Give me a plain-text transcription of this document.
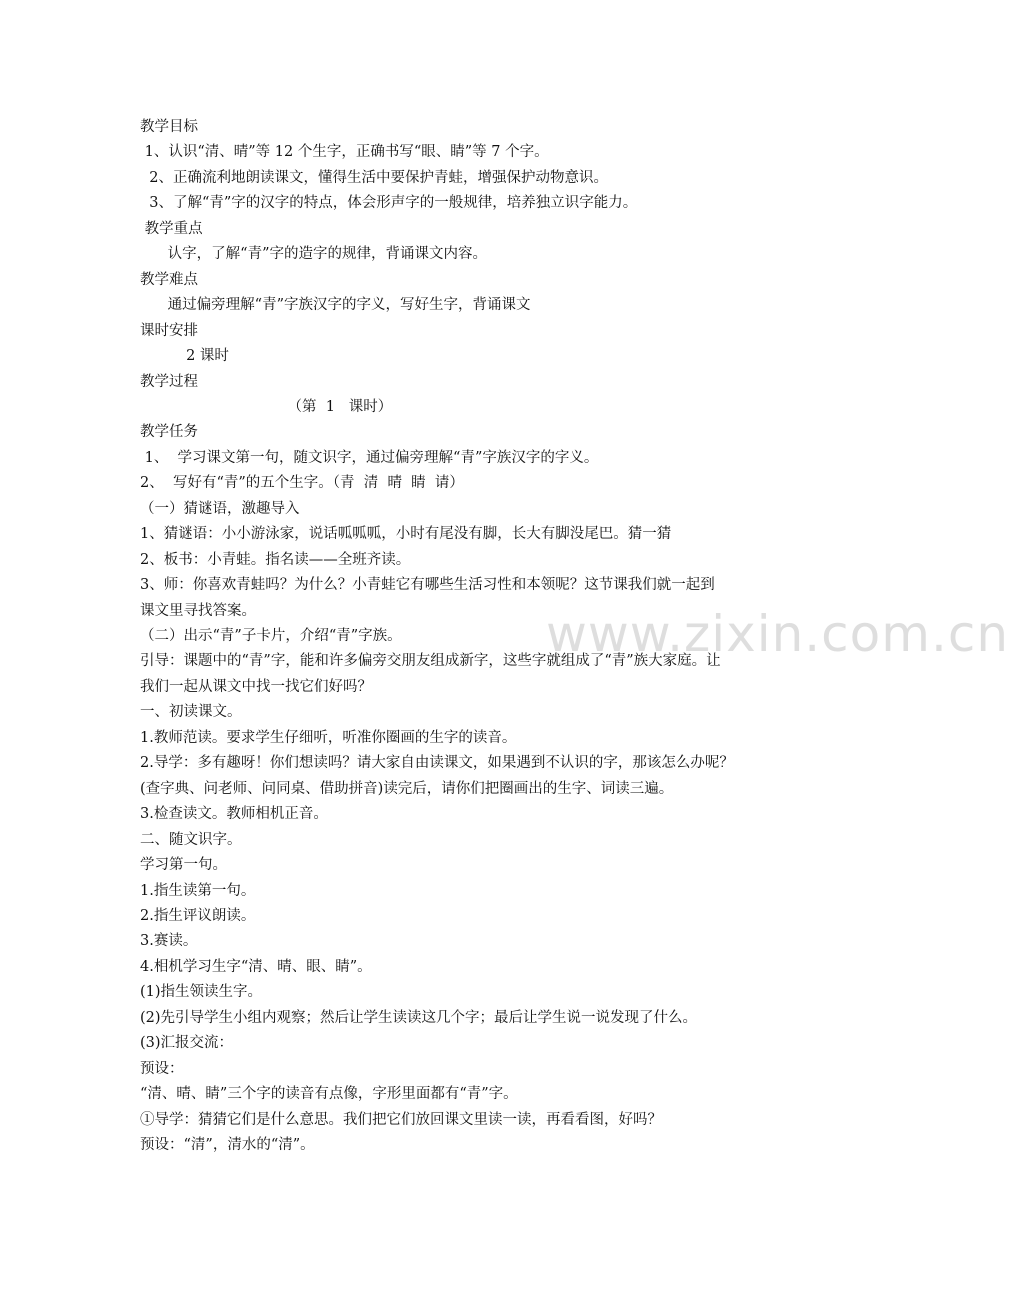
www.zixin.com.cn
教学目标
1、认识“清、晴”等 12 个生字，正确书写“眼、睛”等 7 个字。
2、正确流利地朗读课文，懂得生活中要保护青蛙，增强保护动物意识。
3、了解“青”字的汉字的特点，体会形声字的一般规律，培养独立识字能力。
教学重点
认字，了解“青”字的造字的规律，背诵课文内容。
教学难点
通过偏旁理解“青”字族汉字的字义，写好生字，背诵课文
课时安排
2 课时
教学过程
（第  1   课时）
教学任务
1、  学习课文第一句，随文识字，通过偏旁理解“青”字族汉字的字义。
2、  写好有“青”的五个生字。（青  清  晴  睛  请）
（一）猜谜语，激趣导入
1、猜谜语：小小游泳家，说话呱呱呱，小时有尾没有脚，长大有脚没尾巴。猜一猜
2、板书：小青蛙。指名读——全班齐读。
3、师：你喜欢青蛙吗？为什么？小青蛙它有哪些生活习性和本领呢？这节课我们就一起到
课文里寻找答案。
（二）出示“青”子卡片，介绍“青”字族。
引导：课题中的“青”字，能和许多偏旁交朋友组成新字，这些字就组成了“青”族大家庭。让
我们一起从课文中找一找它们好吗？
一、初读课文。
1.教师范读。要求学生仔细听，听准你圈画的生字的读音。
2.导学：多有趣呀！你们想读吗？请大家自由读课文，如果遇到不认识的字，那该怎么办呢？
(查字典、问老师、问同桌、借助拼音)读完后，请你们把圈画出的生字、词读三遍。
3.检查读文。教师相机正音。
二、随文识字。
学习第一句。
1.指生读第一句。
2.指生评议朗读。
3.赛读。
4.相机学习生字“清、晴、眼、睛”。
(1)指生领读生字。
(2)先引导学生小组内观察；然后让学生读读这几个字；最后让学生说一说发现了什么。
(3)汇报交流：
预设：
“清、晴、睛”三个字的读音有点像，字形里面都有“青”字。
①导学：猜猜它们是什么意思。我们把它们放回课文里读一读，再看看图，好吗？
预设：“清”，清水的“清”。
